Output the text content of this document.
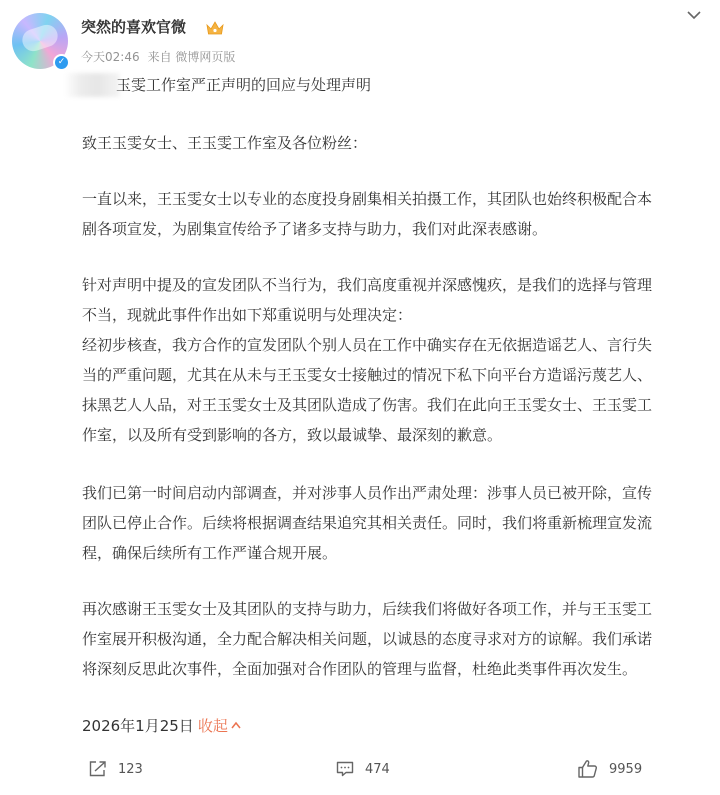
✓
突然的喜欢官微
今天02:46 来自 微博网页版
玉雯工作室严正声明的回应与处理声明
致王玉雯女士、王玉雯工作室及各位粉丝：
一直以来，王玉雯女士以专业的态度投身剧集相关拍摄工作，其团队也始终积极配合本
剧各项宣发，为剧集宣传给予了诸多支持与助力，我们对此深表感谢。
针对声明中提及的宣发团队不当行为，我们高度重视并深感愧疚，是我们的选择与管理
不当，现就此事件作出如下郑重说明与处理决定：
经初步核查，我方合作的宣发团队个别人员在工作中确实存在无依据造谣艺人、言行失
当的严重问题，尤其在从未与王玉雯女士接触过的情况下私下向平台方造谣污蔑艺人、
抹黑艺人人品，对王玉雯女士及其团队造成了伤害。我们在此向王玉雯女士、王玉雯工
作室，以及所有受到影响的各方，致以最诚挚、最深刻的歉意。
我们已第一时间启动内部调查，并对涉事人员作出严肃处理：涉事人员已被开除，宣传
团队已停止合作。后续将根据调查结果追究其相关责任。同时，我们将重新梳理宣发流
程，确保后续所有工作严谨合规开展。
再次感谢王玉雯女士及其团队的支持与助力，后续我们将做好各项工作，并与王玉雯工
作室展开积极沟通，全力配合解决相关问题，以诚恳的态度寻求对方的谅解。我们承诺
将深刻反思此次事件，全面加强对合作团队的管理与监督，杜绝此类事件再次发生。
2026年1月25日 收起
123	474	9959
